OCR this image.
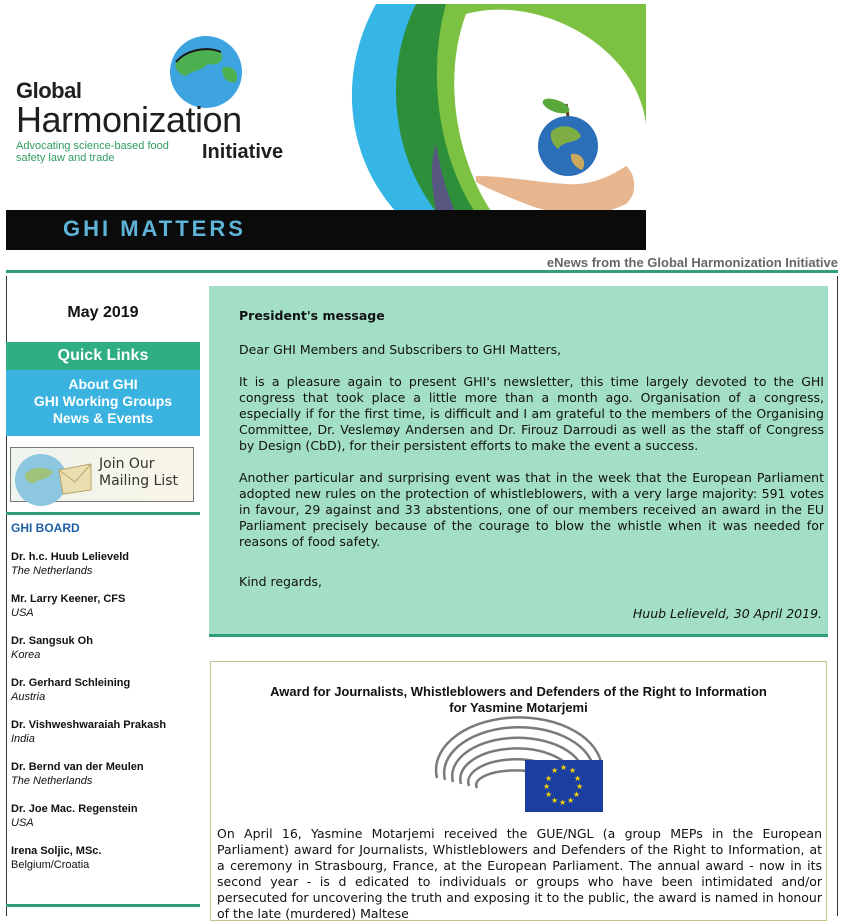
Global
Harmonization
Advocating science-based food safety law and trade	Initiative
GHI MATTERS
eNews from the Global Harmonization Initiative
May 2019
Quick Links
About GHI
GHI Working Groups
News & Events
Join Our
Mailing List
GHI BOARD
Dr. h.c. Huub Lelieveld
The Netherlands
Mr. Larry Keener, CFS
USA
Dr. Sangsuk Oh
Korea
Dr. Gerhard Schleining
Austria
Dr. Vishweshwaraiah Prakash
India
Dr. Bernd van der Meulen
The Netherlands
Dr. Joe Mac. Regenstein
USA
Irena Soljic, MSc.
Belgium/Croatia
President's message

Dear GHI Members and Subscribers to GHI Matters,

It is a pleasure again to present GHI's newsletter, this time largely devoted to the GHI congress that took place a little more than a month ago. Organisation of a congress, especially if for the first time, is difficult and I am grateful to the members of the Organising Committee, Dr. Veslemøy Andersen and Dr. Firouz Darroudi as well as the staff of Congress by Design (CbD), for their persistent efforts to make the event a success.

Another particular and surprising event was that in the week that the European Parliament adopted new rules on the protection of whistleblowers, with a very large majority: 591 votes in favour, 29 against and 33 abstentions, one of our members received an award in the EU Parliament precisely because of the courage to blow the whistle when it was needed for reasons of food safety.

Kind regards,

Huub Lelieveld, 30 April 2019.

Award for Journalists, Whistleblowers and Defenders of the Right to Information
for Yasmine Motarjemi
★ ★
★
★
★
★
★
★
★
★
★
★
On April 16, Yasmine Motarjemi received the GUE/NGL (a group MEPs in the European Parliament) award for Journalists, Whistleblowers and Defenders of the Right to Information, at a ceremony in Strasbourg, France, at the European Parliament. The annual award - now in its second year - is d edicated to individuals or groups who have been intimidated and/or persecuted for uncovering the truth and exposing it to the public, the award is named in honour of the late (murdered) Maltese
